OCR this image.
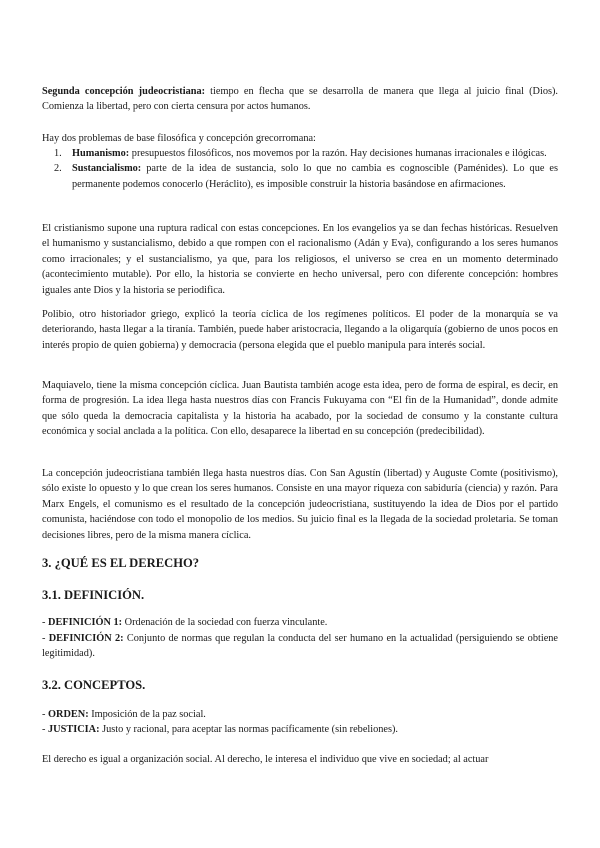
Segunda concepción judeocristiana: tiempo en flecha que se desarrolla de manera que llega al juicio final (Dios). Comienza la libertad, pero con cierta censura por actos humanos.

Hay dos problemas de base filosófica y concepción grecorromana:

1. Humanismo: presupuestos filosóficos, nos movemos por la razón. Hay decisiones humanas irracionales e ilógicas.
2. Sustancialismo: parte de la idea de sustancia, solo lo que no cambia es cognoscible (Paménides). Lo que es permanente podemos conocerlo (Heráclito), es imposible construir la historia basándose en afirmaciones.

El cristianismo supone una ruptura radical con estas concepciones. En los evangelios ya se dan fechas históricas. Resuelven el humanismo y sustancialismo, debido a que rompen con el racionalismo (Adán y Eva), configurando a los seres humanos como irracionales; y el sustancialismo, ya que, para los religiosos, el universo se crea en un momento determinado (acontecimiento mutable). Por ello, la historia se convierte en hecho universal, pero con diferente concepción: hombres iguales ante Dios y la historia se periodifica.

Polibio, otro historiador griego, explicó la teoría cíclica de los regímenes políticos. El poder de la monarquía se va deteriorando, hasta llegar a la tiranía. También, puede haber aristocracia, llegando a la oligarquía (gobierno de unos pocos en interés propio de quien gobierna) y democracia (persona elegida que el pueblo manipula para interés social.

Maquiavelo, tiene la misma concepción cíclica. Juan Bautista también acoge esta idea, pero de forma de espiral, es decir, en forma de progresión. La idea llega hasta nuestros días con Francis Fukuyama con “El fin de la Humanidad”, donde admite que sólo queda la democracia capitalista y la historia ha acabado, por la sociedad de consumo y la constante cultura económica y social anclada a la política. Con ello, desaparece la libertad en su concepción (predecibilidad).

La concepción judeocristiana también llega hasta nuestros días. Con San Agustín (libertad) y Auguste Comte (positivismo), sólo existe lo opuesto y lo que crean los seres humanos. Consiste en una mayor riqueza con sabiduría (ciencia) y razón. Para Marx Engels, el comunismo es el resultado de la concepción judeocristiana, sustituyendo la idea de Dios por el partido comunista, haciéndose con todo el monopolio de los medios. Su juicio final es la llegada de la sociedad proletaria. Se toman decisiones libres, pero de la misma manera cíclica.

3. ¿QUÉ ES EL DERECHO?
3.1. DEFINICIÓN.

- DEFINICIÓN 1: Ordenación de la sociedad con fuerza vinculante.

- DEFINICIÓN 2: Conjunto de normas que regulan la conducta del ser humano en la actualidad (persiguiendo se obtiene legitimidad).

3.2. CONCEPTOS.

- ORDEN: Imposición de la paz social.

- JUSTICIA: Justo y racional, para aceptar las normas pacíficamente (sin rebeliones).

El derecho es igual a organización social. Al derecho, le interesa el individuo que vive en sociedad; al actuar
